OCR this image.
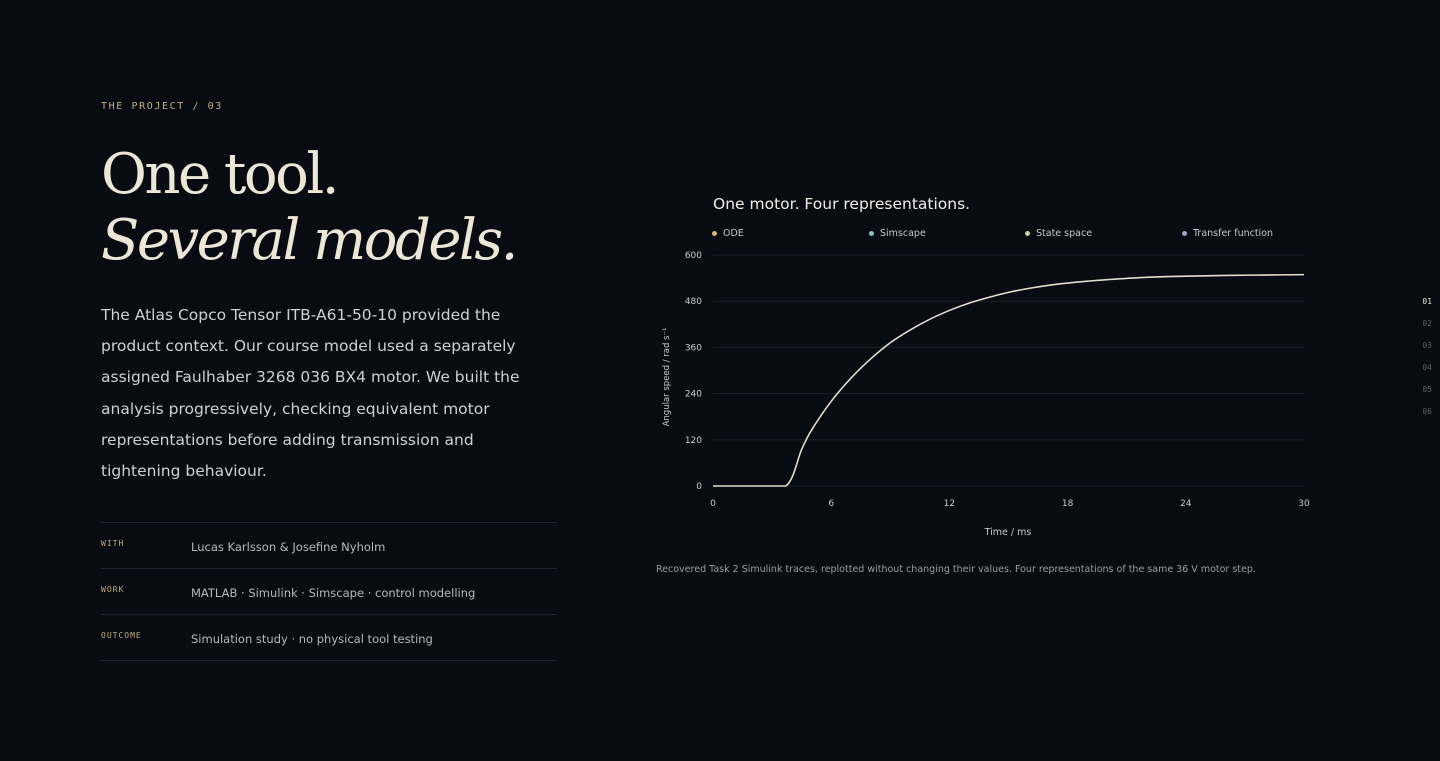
THE PROJECT / 03
One tool.
Several models.

The Atlas Copco Tensor ITB-A61-50-10 provided the product context. Our course model used a separately assigned Faulhaber 3268 036 BX4 motor. We built the analysis progressively, checking equivalent motor representations before adding transmission and tightening behaviour.

WITH	Lucas Karlsson & Josefine Nyholm
WORK	MATLAB · Simulink · Simscape · control modelling
OUTCOME	Simulation study · no physical tool testing
One motor. Four representations.
ODE	Simscape	State space	Transfer function
0
120
240
360
480
600
0	6	12	18	24	30
Time / ms
Angular speed / rad s⁻¹
Recovered Task 2 Simulink traces, replotted without changing their values. Four representations of the same 36 V motor step.
01
02
03
04
05
06
